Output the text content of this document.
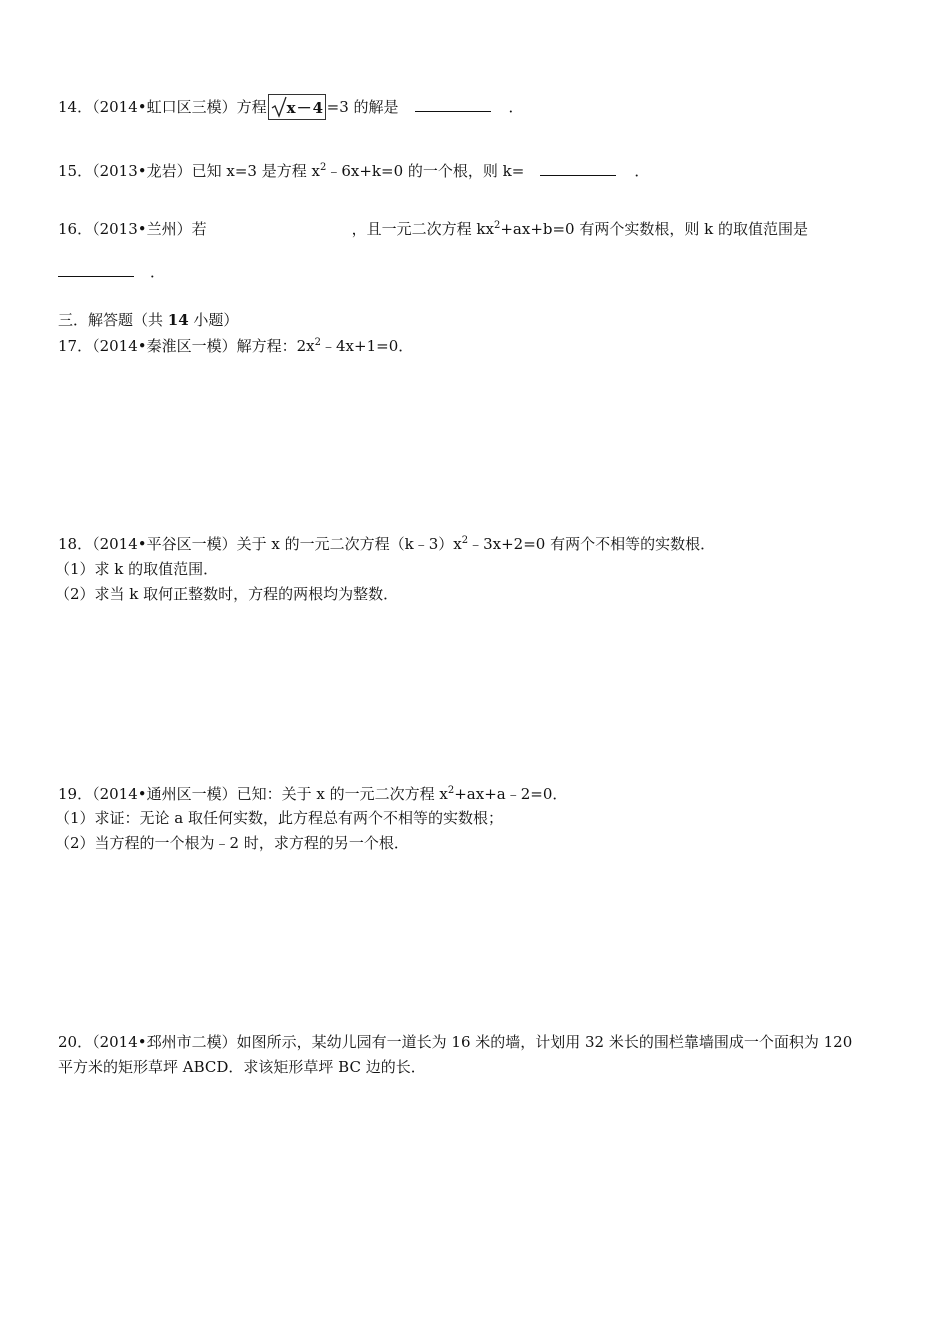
14．（2014•虹口区三模）方程 x－4 =3 的解是	．
15．（2013•龙岩）已知 x=3 是方程 $x^2﹣6x+k=0$ 的一个根，则 k=	．
16．（2013•兰州）若	，且一元二次方程 $kx^2+ax+b=0$ 有两个实数根，则 k 的取值范围是
．
三．解答题（共 14 小题）
17．（2014•秦淮区一模）解方程：$2x^2﹣4x+1=0$．
18．（2014•平谷区一模）关于 x 的一元二次方程$(k﹣3)x^2﹣3x+2=0$ 有两个不相等的实数根．
（1）求 k 的取值范围．
（2）求当 k 取何正整数时，方程的两根均为整数．
19．（2014•通州区一模）已知：关于 x 的一元二次方程 $x^2+ax+a﹣2=0$．
（1）求证：无论 a 取任何实数，此方程总有两个不相等的实数根；
（2）当方程的一个根为﹣2 时，求方程的另一个根．
20．（2014•邳州市二模）如图所示，某幼儿园有一道长为 16 米的墙，计划用 32 米长的围栏靠墙围成一个面积为 120
平方米的矩形草坪 ABCD．求该矩形草坪 BC 边的长．
